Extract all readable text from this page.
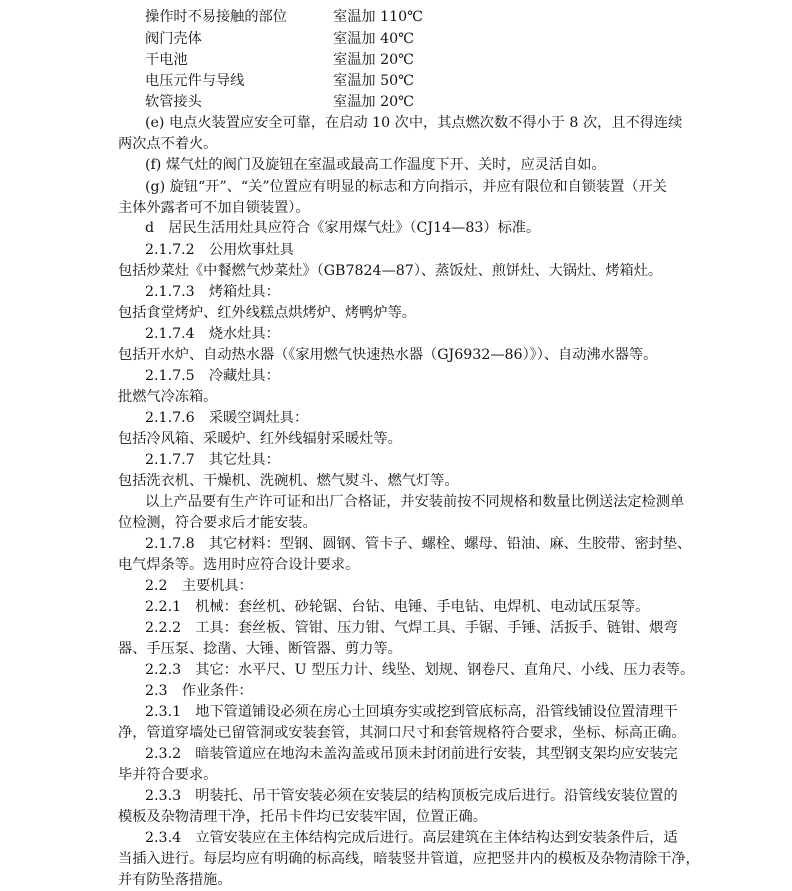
操作时不易接触的部位	室温加 110℃
阀门壳体	室温加 40℃
干电池	室温加 20℃
电压元件与导线	室温加 50℃
软管接头	室温加 20℃
(e) 电点火装置应安全可靠，在启动 10 次中，其点燃次数不得小于 8 次，且不得连续
两次点不着火。
(f) 煤气灶的阀门及旋钮在室温或最高工作温度下开、关时，应灵活自如。
(g) 旋钮“开”、“关”位置应有明显的标志和方向指示，并应有限位和自锁装置（开关
主体外露者可不加自锁装置）。
d　居民生活用灶具应符合《家用煤气灶》（CJ14—83）标准。
2.1.7.2　公用炊事灶具
包括炒菜灶《中餐燃气炒菜灶》（GB7824—87）、蒸饭灶、煎饼灶、大锅灶、烤箱灶。
2.1.7.3　烤箱灶具：
包括食堂烤炉、红外线糕点烘烤炉、烤鸭炉等。
2.1.7.4　烧水灶具：
包括开水炉、自动热水器（《家用燃气快速热水器（GJ6932—86）》）、自动沸水器等。
2.1.7.5　冷藏灶具：
批燃气冷冻箱。
2.1.7.6　采暖空调灶具：
包括冷风箱、采暖炉、红外线辐射采暖灶等。
2.1.7.7　其它灶具：
包括洗衣机、干燥机、洗碗机、燃气熨斗、燃气灯等。
以上产品要有生产许可证和出厂合格证，并安装前按不同规格和数量比例送法定检测单
位检测，符合要求后才能安装。
2.1.7.8　其它材料：型钢、圆钢、管卡子、螺栓、螺母、铅油、麻、生胶带、密封垫、
电气焊条等。选用时应符合设计要求。
2.2　主要机具：
2.2.1　机械：套丝机、砂轮锯、台钻、电锤、手电钻、电焊机、电动试压泵等。
2.2.2　工具：套丝板、管钳、压力钳、气焊工具、手锯、手锤、活扳手、链钳、煨弯
器、手压泵、捻凿、大锤、断管器、剪力等。
2.2.3　其它：水平尺、U 型压力计、线坠、划规、钢卷尺、直角尺、小线、压力表等。
2.3　作业条件：
2.3.1　地下管道铺设必须在房心土回填夯实或挖到管底标高，沿管线铺设位置清理干
净，管道穿墙处已留管洞或安装套管，其洞口尺寸和套管规格符合要求，坐标、标高正确。
2.3.2　暗装管道应在地沟未盖沟盖或吊顶未封闭前进行安装，其型钢支架均应安装完
毕并符合要求。
2.3.3　明装托、吊干管安装必须在安装层的结构顶板完成后进行。沿管线安装位置的
模板及杂物清理干净，托吊卡件均已安装牢固，位置正确。
2.3.4　立管安装应在主体结构完成后进行。高层建筑在主体结构达到安装条件后，适
当插入进行。每层均应有明确的标高线，暗装竖井管道，应把竖井内的模板及杂物清除干净，
并有防坠落措施。
